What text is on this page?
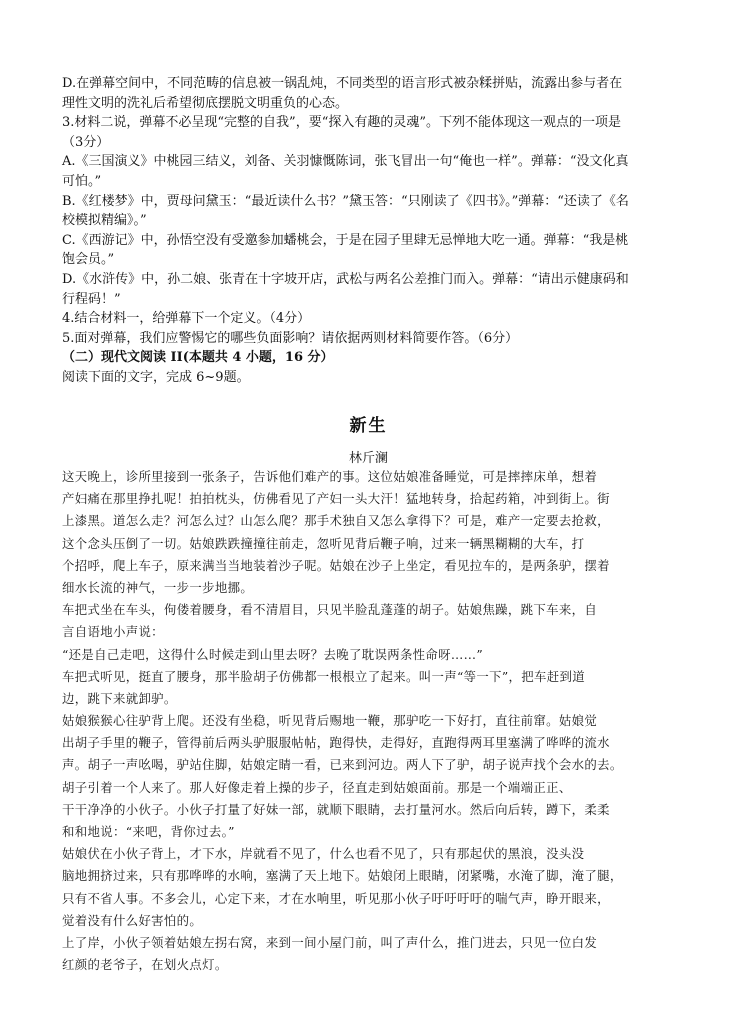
D.在弹幕空间中，不同范畴的信息被一锅乱炖，不同类型的语言形式被杂糅拼贴，流露出参与者在
理性文明的洗礼后希望彻底摆脱文明重负的心态。
3.材料二说，弹幕不必呈现“完整的自我”，要“探入有趣的灵魂”。下列不能体现这一观点的一项是
（3分）
A.《三国演义》中桃园三结义，刘备、关羽慷慨陈词，张飞冒出一句“俺也一样”。弹幕：“没文化真
可怕。”
B.《红楼梦》中，贾母问黛玉：“最近读什么书？”黛玉答：“只刚读了《四书》。”弹幕：“还读了《名
校模拟精编》。”
C.《西游记》中，孙悟空没有受邀参加蟠桃会，于是在园子里肆无忌惮地大吃一通。弹幕：“我是桃
饱会员。”
D.《水浒传》中，孙二娘、张青在十字坡开店，武松与两名公差推门而入。弹幕：“请出示健康码和
行程码！”
4.结合材料一，给弹幕下一个定义。（4分）
5.面对弹幕，我们应警惕它的哪些负面影响？请依据两则材料简要作答。（6分）
（二）现代文阅读 II(本题共 4 小题，16 分）
阅读下面的文字，完成 6~9题。
新生
林斤澜
这天晚上，诊所里接到一张条子，告诉他们难产的事。这位姑娘准备睡觉，可是摔摔床单，想着
产妇痛在那里挣扎呢！拍拍枕头，仿佛看见了产妇一头大汗！猛地转身，拾起药箱，冲到街上。街
上漆黑。道怎么走？河怎么过？山怎么爬？那手术独自又怎么拿得下？可是，难产一定要去抢救，
这个念头压倒了一切。姑娘跌跌撞撞往前走，忽听见背后鞭子响，过来一辆黑糊糊的大车，打
个招呼，爬上车子，原来满当当地装着沙子呢。姑娘在沙子上坐定，看见拉车的，是两条驴，摆着
细水长流的神气，一步一步地挪。
车把式坐在车头，佝偻着腰身，看不清眉目，只见半脸乱蓬蓬的胡子。姑娘焦躁，跳下车来，自
言自语地小声说：
“还是自己走吧，这得什么时候走到山里去呀？去晚了耽误两条性命呀……”
车把式听见，挺直了腰身，那半脸胡子仿佛都一根根立了起来。叫一声“等一下”，把车赶到道
边，跳下来就卸驴。
姑娘猴猴心往驴背上爬。还没有坐稳，听见背后赐地一鞭，那驴吃一下好打，直往前窜。姑娘觉
出胡子手里的鞭子，管得前后两头驴服服帖帖，跑得快，走得好，直跑得两耳里塞满了哗哗的流水
声。胡子一声吆喝，驴站住脚，姑娘定睛一看，已来到河边。两人下了驴，胡子说声找个会水的去。
胡子引着一个人来了。那人好像走着上操的步子，径直走到姑娘面前。那是一个端端正正、
干干净净的小伙子。小伙子打量了好妹一部，就顺下眼睛，去打量河水。然后向后转，蹲下，柔柔
和和地说：“来吧，背你过去。”
姑娘伏在小伙子背上，才下水，岸就看不见了，什么也看不见了，只有那起伏的黑浪，没头没
脑地拥挤过来，只有那哗哗的水响，塞满了天上地下。姑娘闭上眼睛，闭紧嘴，水淹了脚，淹了腿，
只有不省人事。不多会儿，心定下来，才在水响里，听见那小伙子吁吁吁吁的喘气声，睁开眼来，
觉着没有什么好害怕的。
上了岸，小伙子领着姑娘左拐右窝，来到一间小屋门前，叫了声什么，推门进去，只见一位白发
红颜的老爷子，在划火点灯。
